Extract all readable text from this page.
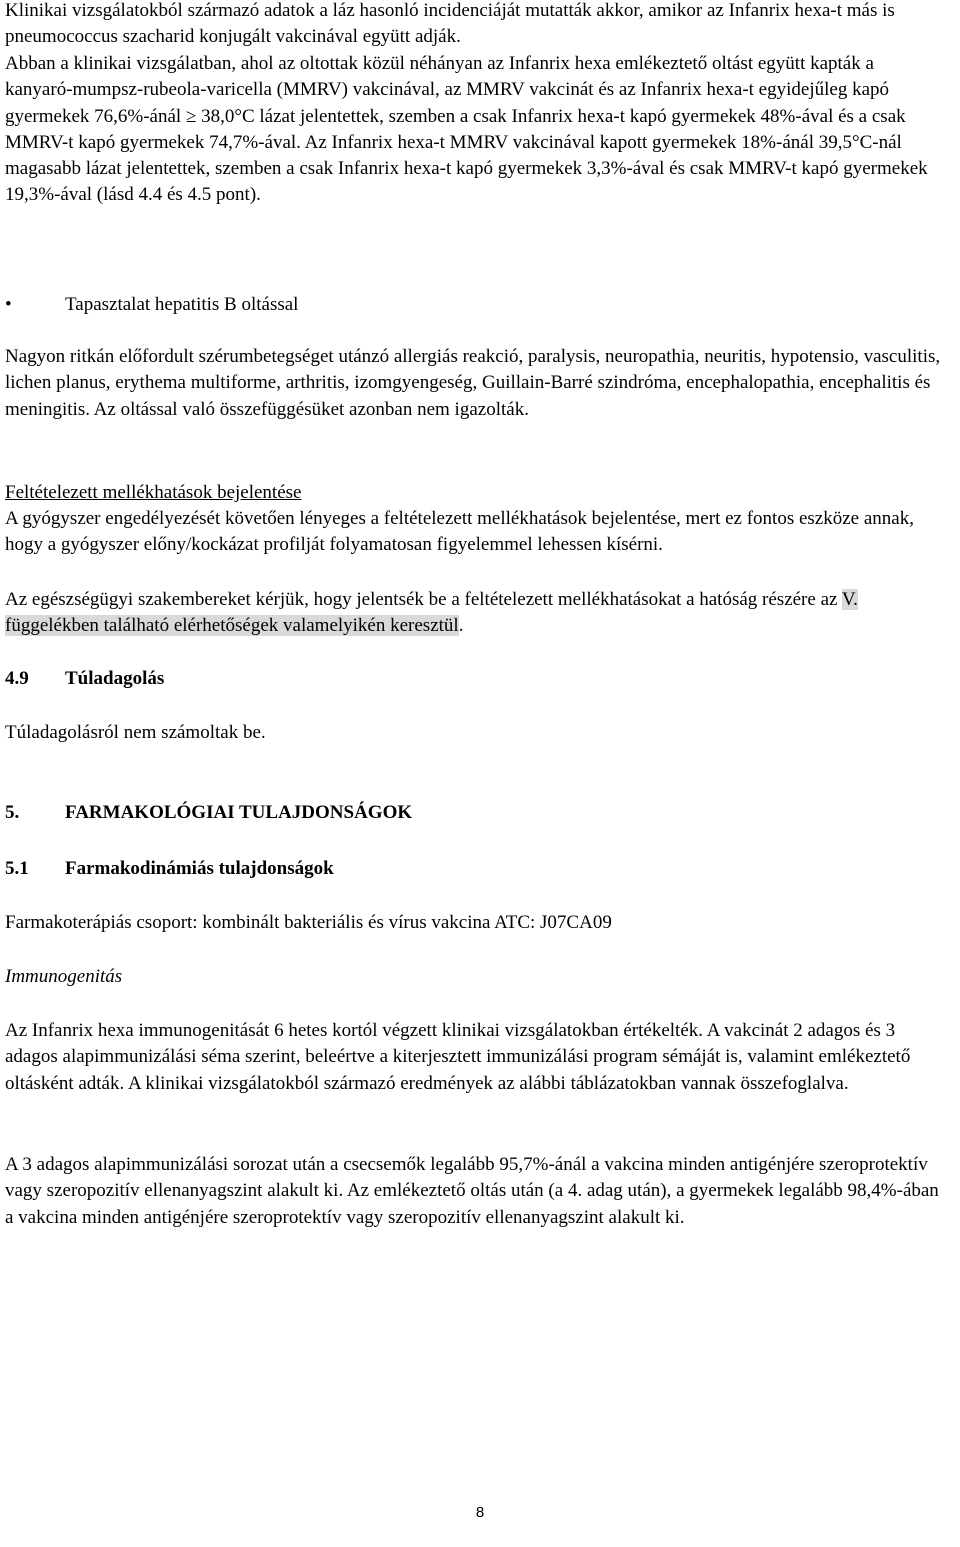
Klinikai vizsgálatokból származó adatok a láz hasonló incidenciáját mutatták akkor, amikor az Infanrix hexa-t más is pneumococcus szacharid konjugált vakcinával együtt adják.

Abban a klinikai vizsgálatban, ahol az oltottak közül néhányan az Infanrix hexa emlékeztető oltást együtt kapták a kanyaró-mumpsz-rubeola-varicella (MMRV) vakcinával, az MMRV vakcinát és az Infanrix hexa-t egyidejűleg kapó gyermekek 76,6%-ánál ≥ 38,0°C lázat jelentettek, szemben a csak Infanrix hexa-t kapó gyermekek 48%-ával és a csak MMRV-t kapó gyermekek 74,7%-ával. Az Infanrix hexa-t MMRV vakcinával kapott gyermekek 18%-ánál 39,5°C-nál magasabb lázat jelentettek, szemben a csak Infanrix hexa-t kapó gyermekek 3,3%-ával és csak MMRV-t kapó gyermekek 19,3%-ával (lásd 4.4 és 4.5 pont).

•	Tapasztalat hepatitis B oltással

Nagyon ritkán előfordult szérumbetegséget utánzó allergiás reakció, paralysis, neuropathia, neuritis, hypotensio, vasculitis, lichen planus, erythema multiforme, arthritis, izomgyengeség, Guillain-Barré szindróma, encephalopathia, encephalitis és meningitis. Az oltással való összefüggésüket azonban nem igazolták.

Feltételezett mellékhatások bejelentése

A gyógyszer engedélyezését követően lényeges a feltételezett mellékhatások bejelentése, mert ez fontos eszköze annak, hogy a gyógyszer előny/kockázat profilját folyamatosan figyelemmel lehessen kísérni.

Az egészségügyi szakembereket kérjük, hogy jelentsék be a feltételezett mellékhatásokat a hatóság részére az V. függelékben található elérhetőségek valamelyikén keresztül.

4.9 Túladagolás

Túladagolásról nem számoltak be.

5. FARMAKOLÓGIAI TULAJDONSÁGOK

5.1 Farmakodinámiás tulajdonságok

Farmakoterápiás csoport: kombinált bakteriális és vírus vakcina ATC: J07CA09

Immunogenitás

Az Infanrix hexa immunogenitását 6 hetes kortól végzett klinikai vizsgálatokban értékelték. A vakcinát 2 adagos és 3 adagos alapimmunizálási séma szerint, beleértve a kiterjesztett immunizálási program sémáját is, valamint emlékeztető oltásként adták. A klinikai vizsgálatokból származó eredmények az alábbi táblázatokban vannak összefoglalva.

A 3 adagos alapimmunizálási sorozat után a csecsemők legalább 95,7%-ánál a vakcina minden antigénjére szeroprotektív vagy szeropozitív ellenanyagszint alakult ki. Az emlékeztető oltás után (a 4. adag után), a gyermekek legalább 98,4%-ában a vakcina minden antigénjére szeroprotektív vagy szeropozitív ellenanyagszint alakult ki.

8
